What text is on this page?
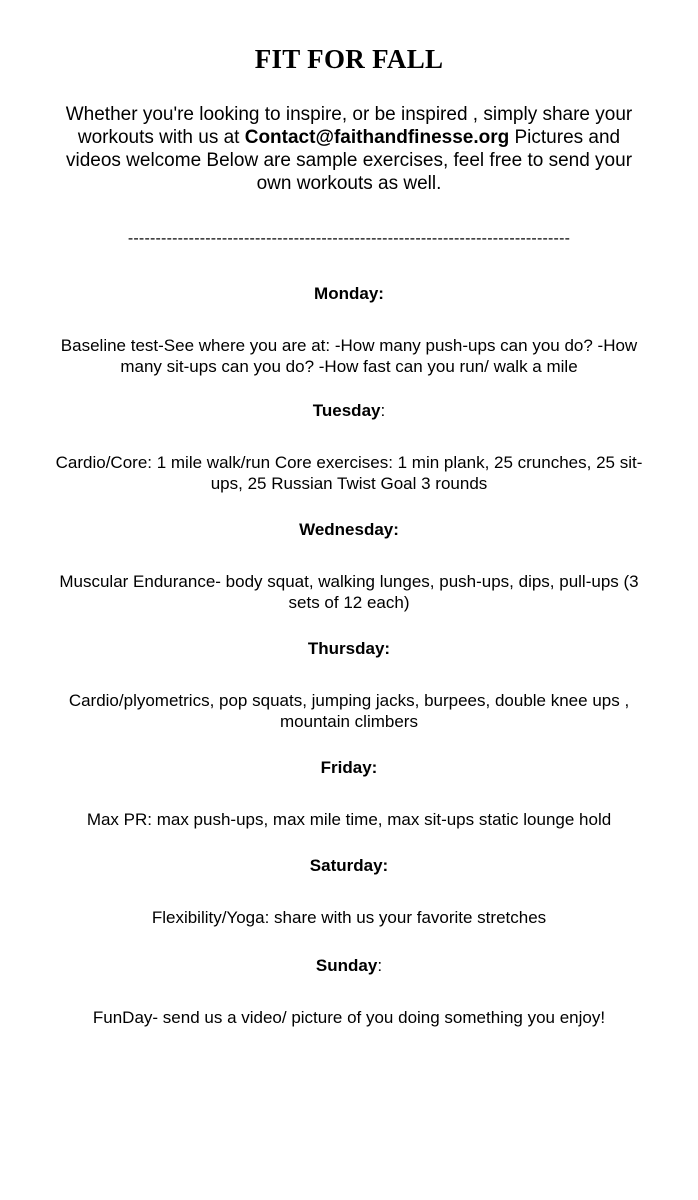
FIT FOR FALL

Whether you're looking to inspire, or be inspired , simply share your workouts with us at Contact@faithandfinesse.org Pictures and videos welcome Below are sample exercises, feel free to send your own workouts as well.

--------------------------------------------------------------------------------

Monday:

Baseline test-See where you are at: -How many push-ups can you do? -How many sit-ups can you do? -How fast can you run/ walk a mile

Tuesday:

Cardio/Core: 1 mile walk/run Core exercises: 1 min plank, 25 crunches, 25 sit-ups, 25 Russian Twist Goal 3 rounds

Wednesday:

Muscular Endurance- body squat, walking lunges, push-ups, dips, pull-ups (3 sets of 12 each)

Thursday:

Cardio/plyometrics, pop squats, jumping jacks, burpees, double knee ups , mountain climbers

Friday:

Max PR: max push-ups, max mile time, max sit-ups static lounge hold

Saturday:

Flexibility/Yoga: share with us your favorite stretches

Sunday:

FunDay- send us a video/ picture of you doing something you enjoy!
